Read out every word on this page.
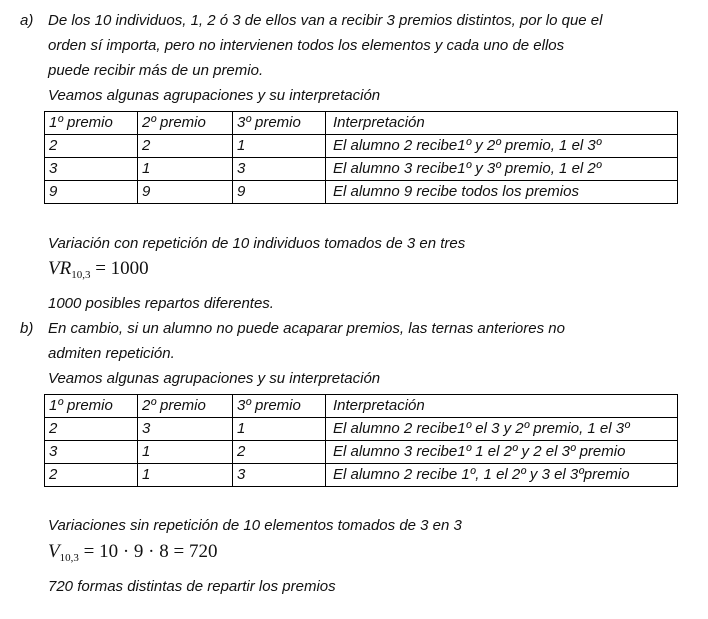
a) De los 10 individuos, 1, 2 ó 3 de ellos van a recibir 3 premios distintos, por lo que el
orden sí importa, pero no intervienen todos los elementos y cada uno de ellos
puede recibir más de un premio.
Veamos algunas agrupaciones y su interpretación
1º premio	2º premio	3º premio	Interpretación
2	2	1	El alumno 2 recibe1º y 2º premio, 1 el 3º
3	1	3	El alumno 3 recibe1º y 3º premio, 1 el 2º
9	9	9	El alumno 9 recibe todos los premios
Variación con repetición de 10 individuos tomados de 3 en tres
$VR_{10,3} = 1000$
1000 posibles repartos diferentes.
b) En cambio, si un alumno no puede acaparar premios, las ternas anteriores no
admiten repetición.
Veamos algunas agrupaciones y su interpretación
1º premio	2º premio	3º premio	Interpretación
2	3	1	El alumno 2 recibe1º el 3 y 2º premio, 1 el 3º
3	1	2	El alumno 3 recibe1º 1 el 2º y 2 el 3º premio
2	1	3	El alumno 2 recibe 1º, 1 el 2º y 3 el 3ºpremio
Variaciones sin repetición de 10 elementos tomados de 3 en 3
$V_{10,3} = 10 \cdot 9 \cdot 8 = 720$
720 formas distintas de repartir los premios
